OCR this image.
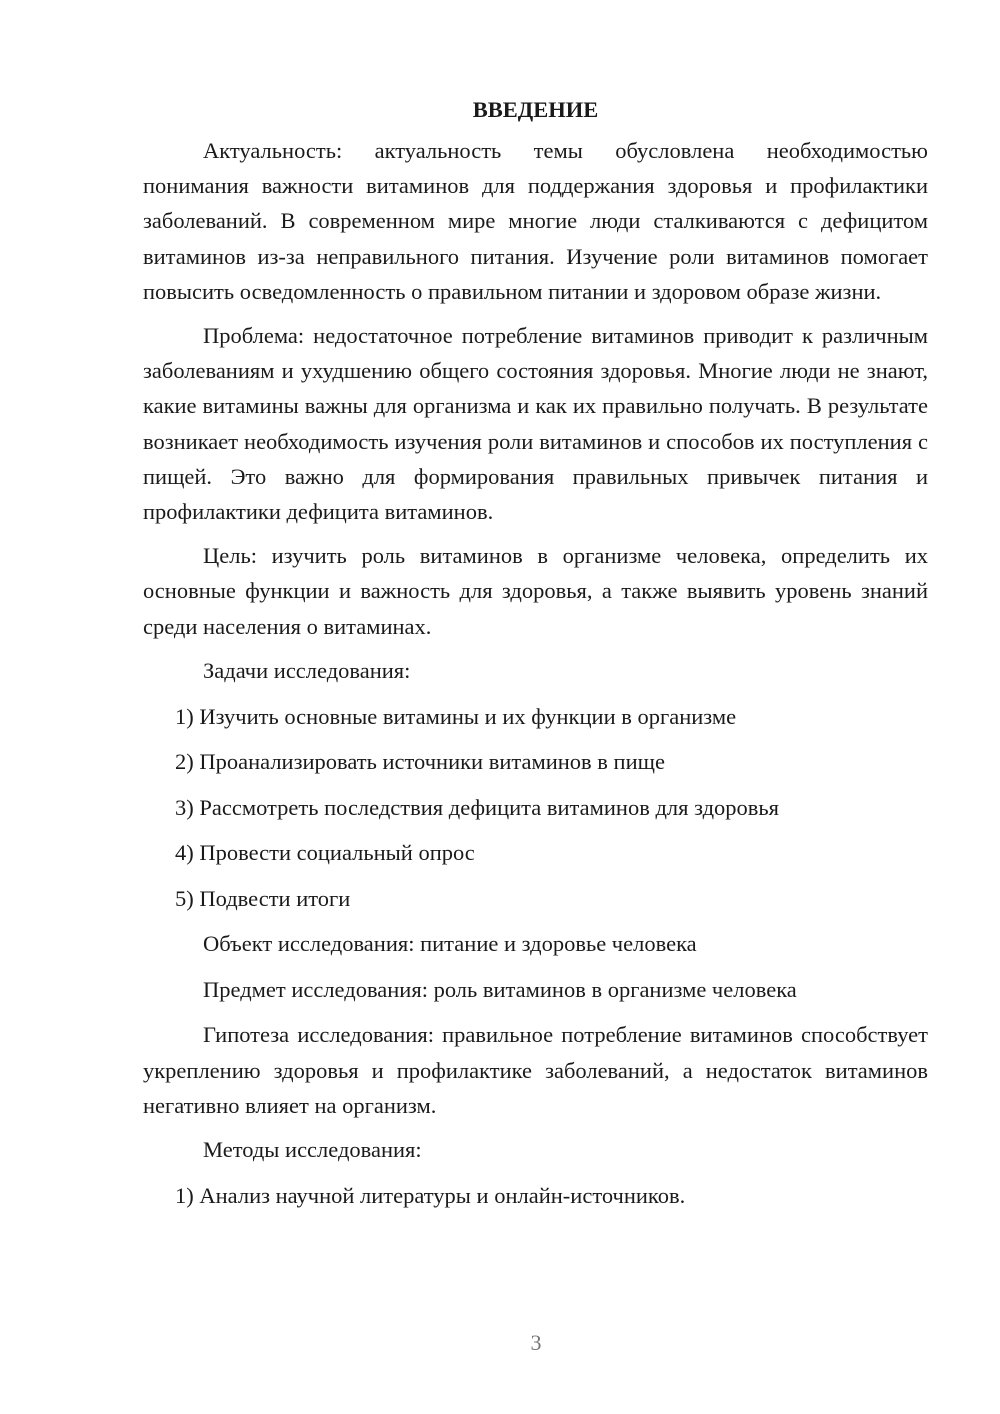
ВВЕДЕНИЕ

Актуальность: актуальность темы обусловлена необходимостью понимания важности витаминов для поддержания здоровья и профилактики заболеваний. В современном мире многие люди сталкиваются с дефицитом витаминов из-за неправильного питания. Изучение роли витаминов помогает повысить осведомленность о правильном питании и здоровом образе жизни.

Проблема: недостаточное потребление витаминов приводит к различным заболеваниям и ухудшению общего состояния здоровья. Многие люди не знают, какие витамины важны для организма и как их правильно получать. В результате возникает необходимость изучения роли витаминов и способов их поступления с пищей. Это важно для формирования правильных привычек питания и профилактики дефицита витаминов.

Цель: изучить роль витаминов в организме человека, определить их основные функции и важность для здоровья, а также выявить уровень знаний среди населения о витаминах.

Задачи исследования:

1) Изучить основные витамины и их функции в организме

2) Проанализировать источники витаминов в пище

3) Рассмотреть последствия дефицита витаминов для здоровья

4) Провести социальный опрос

5) Подвести итоги

Объект исследования: питание и здоровье человека

Предмет исследования: роль витаминов в организме человека

Гипотеза исследования: правильное потребление витаминов способствует укреплению здоровья и профилактике заболеваний, а недостаток витаминов негативно влияет на организм.

Методы исследования:

1) Анализ научной литературы и онлайн-источников.

3
